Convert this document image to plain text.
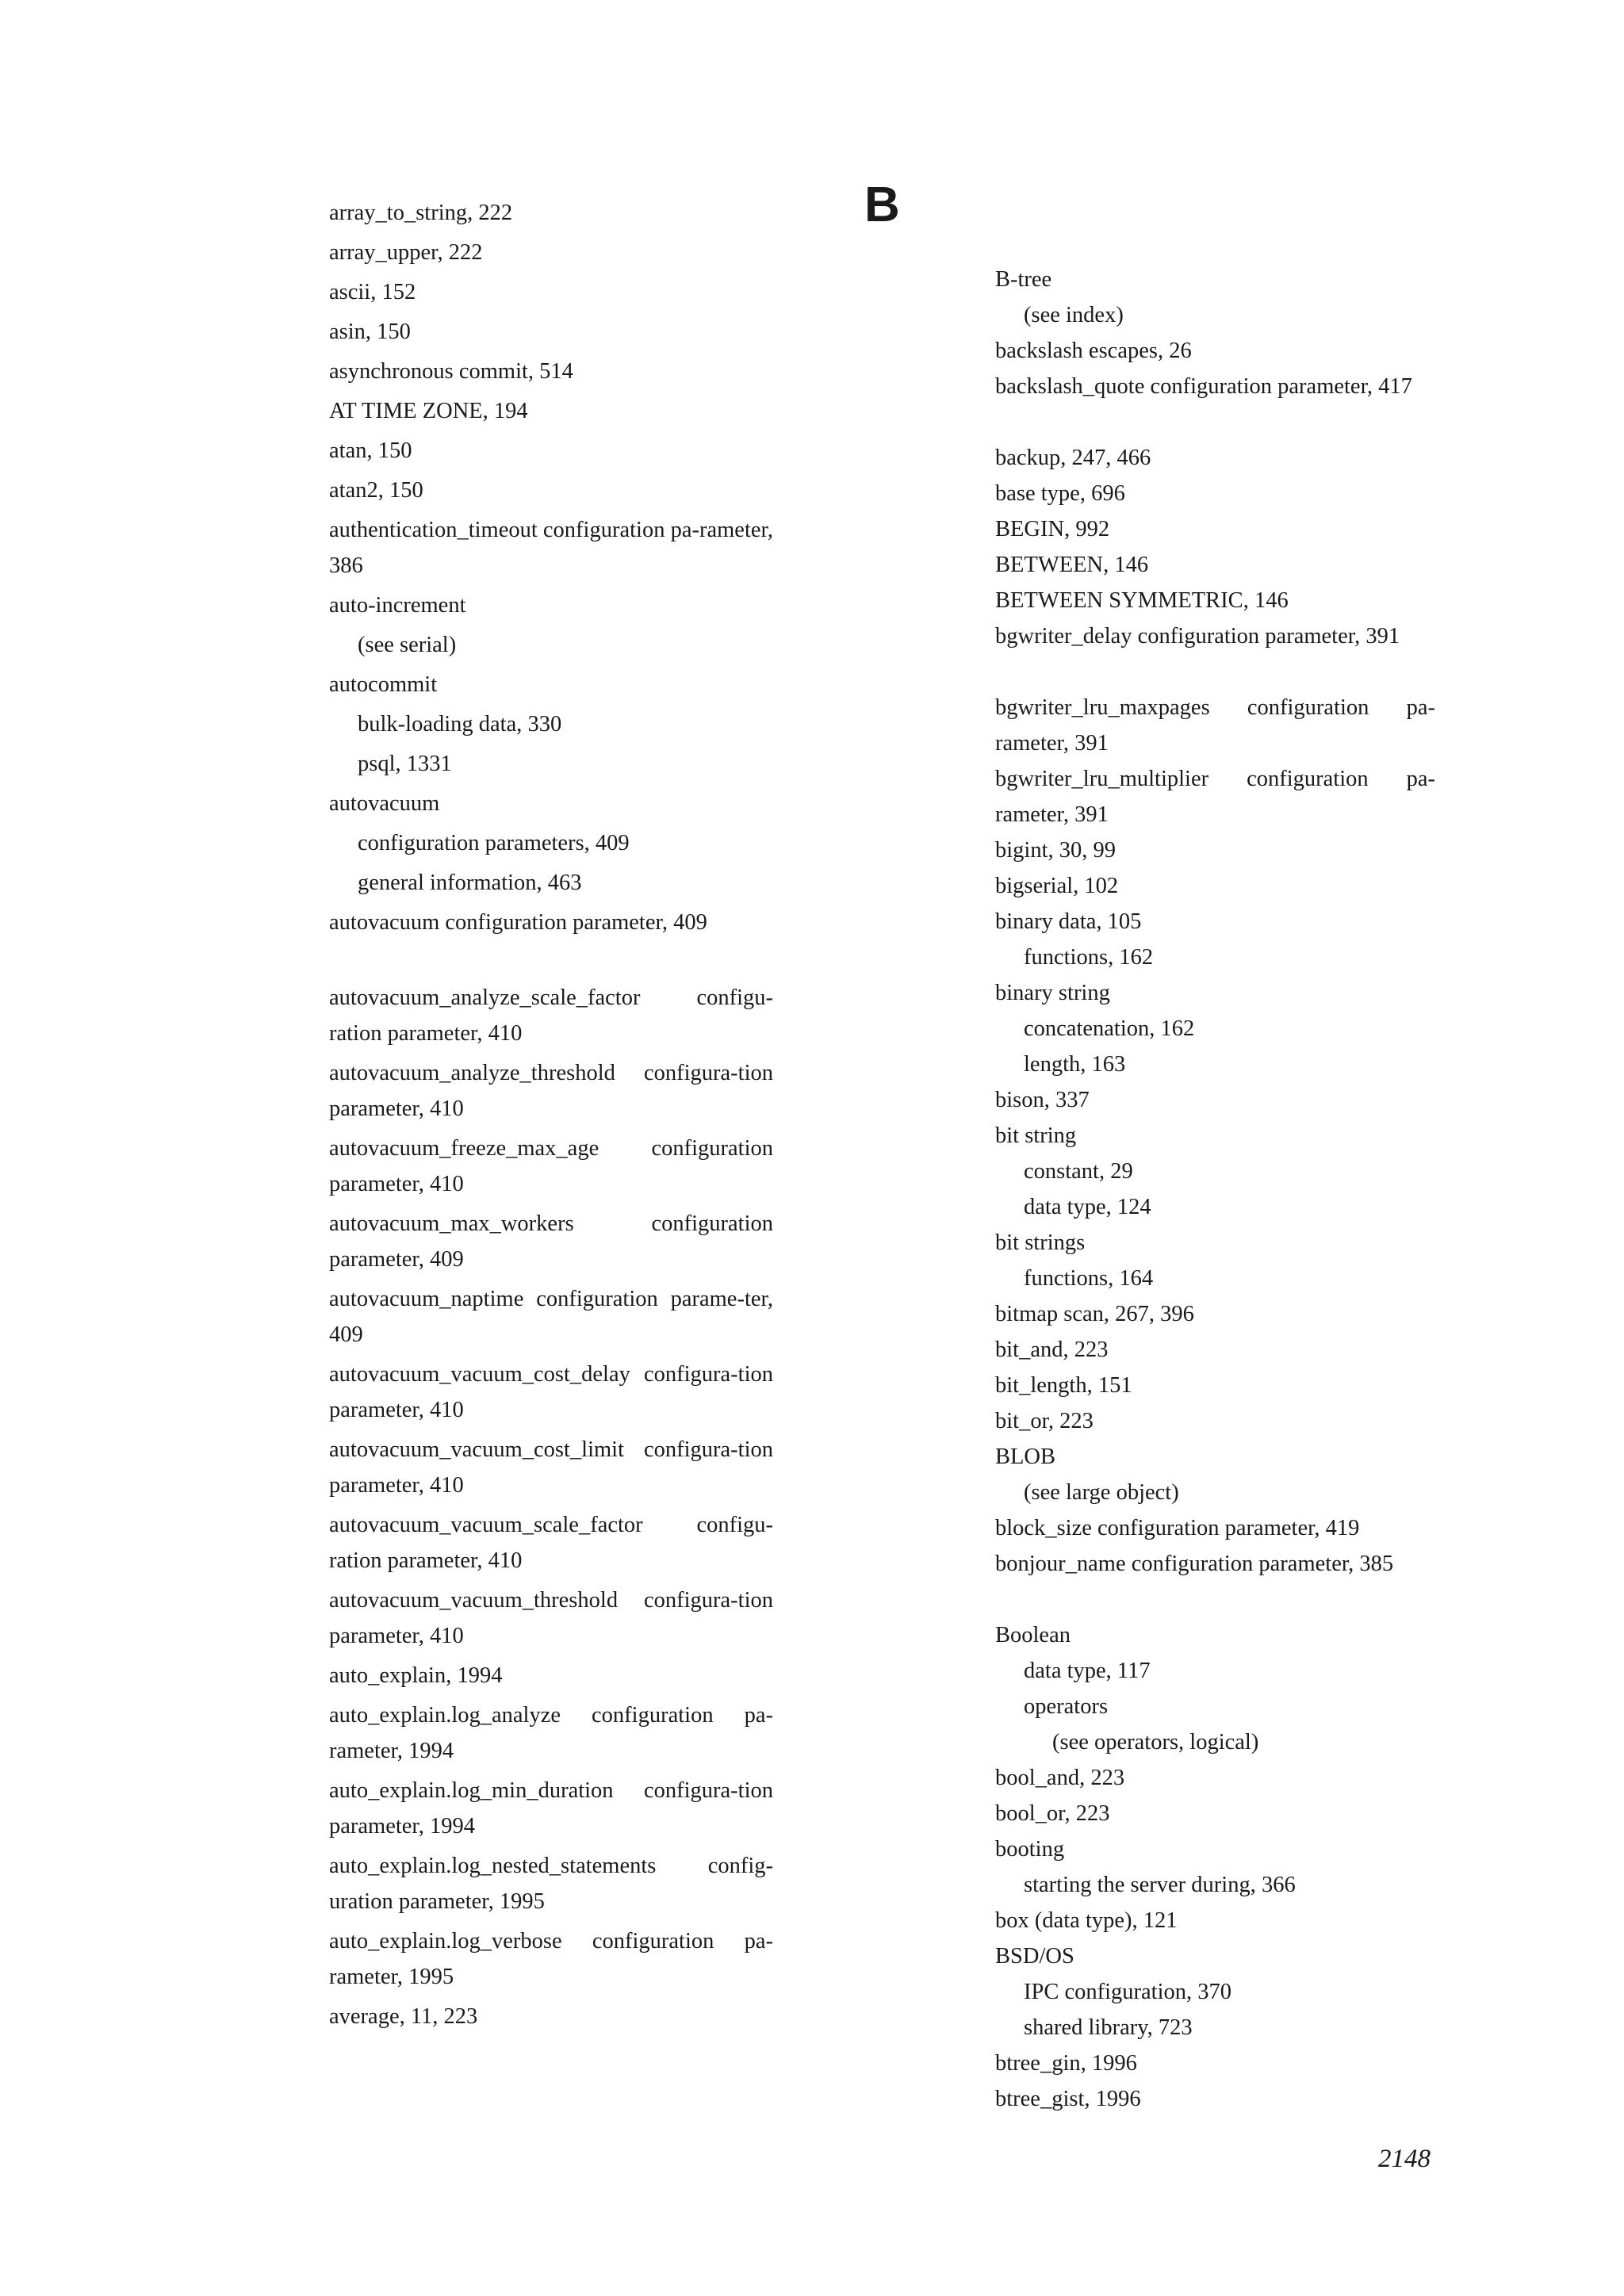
B
array_to_string, 222
array_upper, 222
ascii, 152
asin, 150
asynchronous commit, 514
AT TIME ZONE, 194
atan, 150
atan2, 150
authentication_timeout configuration pa-rameter, 386
auto-increment
(see serial)
autocommit
bulk-loading data, 330
psql, 1331
autovacuum
configuration parameters, 409
general information, 463
autovacuum configuration parameter, 409
autovacuum_analyze_scale_factor configu-ration parameter, 410
autovacuum_analyze_threshold configura-tion parameter, 410
autovacuum_freeze_max_age configuration parameter, 410
autovacuum_max_workers configuration parameter, 409
autovacuum_naptime configuration parame-ter, 409
autovacuum_vacuum_cost_delay configura-tion parameter, 410
autovacuum_vacuum_cost_limit configura-tion parameter, 410
autovacuum_vacuum_scale_factor configu-ration parameter, 410
autovacuum_vacuum_threshold configura-tion parameter, 410
auto_explain, 1994
auto_explain.log_analyze configuration pa-rameter, 1994
auto_explain.log_min_duration configura-tion parameter, 1994
auto_explain.log_nested_statements config-uration parameter, 1995
auto_explain.log_verbose configuration pa-rameter, 1995
average, 11, 223
B-tree
(see index)
backslash escapes, 26
backslash_quote configuration parameter, 417
backup, 247, 466
base type, 696
BEGIN, 992
BETWEEN, 146
BETWEEN SYMMETRIC, 146
bgwriter_delay configuration parameter, 391
bgwriter_lru_maxpages configuration pa-rameter, 391
bgwriter_lru_multiplier configuration pa-rameter, 391
bigint, 30, 99
bigserial, 102
binary data, 105
functions, 162
binary string
concatenation, 162
length, 163
bison, 337
bit string
constant, 29
data type, 124
bit strings
functions, 164
bitmap scan, 267, 396
bit_and, 223
bit_length, 151
bit_or, 223
BLOB
(see large object)
block_size configuration parameter, 419
bonjour_name configuration parameter, 385
Boolean
data type, 117
operators
(see operators, logical)
bool_and, 223
bool_or, 223
booting
starting the server during, 366
box (data type), 121
BSD/OS
IPC configuration, 370
shared library, 723
btree_gin, 1996
btree_gist, 1996
2148
